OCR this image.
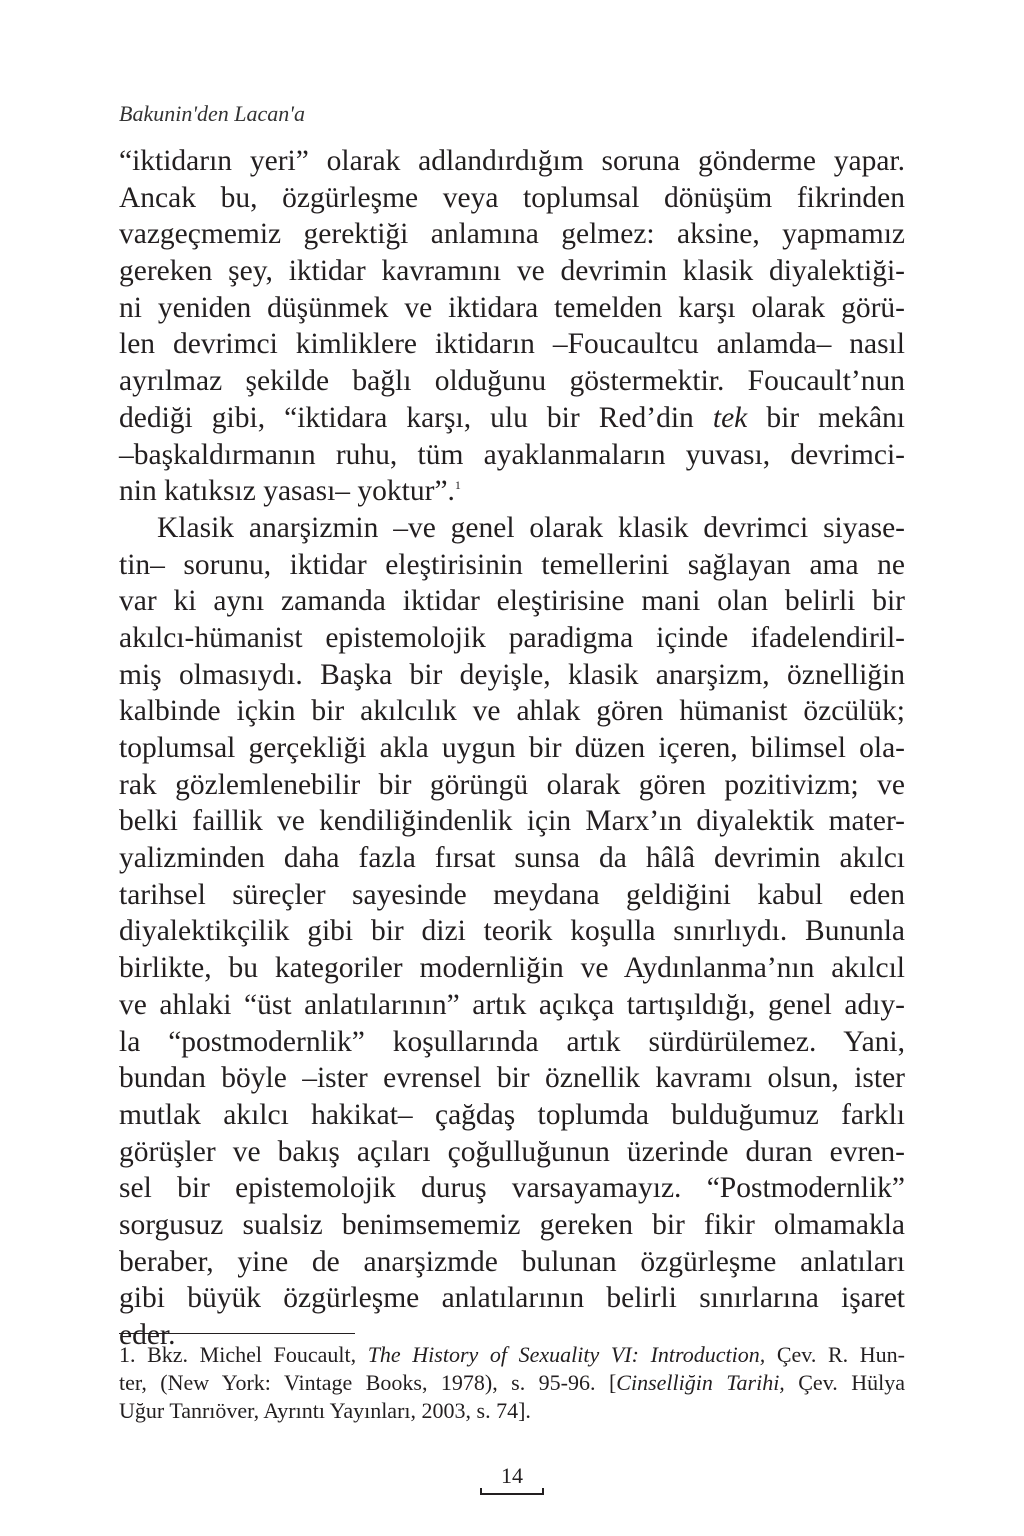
Bakunin'den Lacan'a
“iktidarın yeri” olarak adlandırdığım soruna gönderme yapar.
Ancak bu, özgürleşme veya toplumsal dönüşüm fikrinden
vazgeçmemiz gerektiği anlamına gelmez: aksine, yapmamız
gereken şey, iktidar kavramını ve devrimin klasik diyalektiği-
ni yeniden düşünmek ve iktidara temelden karşı olarak görü-
len devrimci kimliklere iktidarın –Foucaultcu anlamda– nasıl
ayrılmaz şekilde bağlı olduğunu göstermektir. Foucault’nun
dediği gibi, “iktidara karşı, ulu bir Red’din tek bir mekânı
–başkaldırmanın ruhu, tüm ayaklanmaların yuvası, devrimci-
nin katıksız yasası– yoktur”.$^1$
Klasik anarşizmin –ve genel olarak klasik devrimci siyase-
tin– sorunu, iktidar eleştirisinin temellerini sağlayan ama ne
var ki aynı zamanda iktidar eleştirisine mani olan belirli bir
akılcı-hümanist epistemolojik paradigma içinde ifadelendiril-
miş olmasıydı. Başka bir deyişle, klasik anarşizm, öznelliğin
kalbinde içkin bir akılcılık ve ahlak gören hümanist özcülük;
toplumsal gerçekliği akla uygun bir düzen içeren, bilimsel ola-
rak gözlemlenebilir bir görüngü olarak gören pozitivizm; ve
belki faillik ve kendiliğindenlik için Marx’ın diyalektik mater-
yalizminden daha fazla fırsat sunsa da hâlâ devrimin akılcı
tarihsel süreçler sayesinde meydana geldiğini kabul eden
diyalektikçilik gibi bir dizi teorik koşulla sınırlıydı. Bununla
birlikte, bu kategoriler modernliğin ve Aydınlanma’nın akılcıl
ve ahlaki “üst anlatılarının” artık açıkça tartışıldığı, genel adıy-
la “postmodernlik” koşullarında artık sürdürülemez. Yani,
bundan böyle –ister evrensel bir öznellik kavramı olsun, ister
mutlak akılcı hakikat– çağdaş toplumda bulduğumuz farklı
görüşler ve bakış açıları çoğulluğunun üzerinde duran evren-
sel bir epistemolojik duruş varsayamayız. “Postmodernlik”
sorgusuz sualsiz benimsememiz gereken bir fikir olmamakla
beraber, yine de anarşizmde bulunan özgürleşme anlatıları
gibi büyük özgürleşme anlatılarının belirli sınırlarına işaret
eder.
1. Bkz. Michel Foucault, The History of Sexuality VI: Introduction, Çev. R. Hun-
ter, (New York: Vintage Books, 1978), s. 95-96. [Cinselliğin Tarihi, Çev. Hülya
Uğur Tanrıöver, Ayrıntı Yayınları, 2003, s. 74].
14
